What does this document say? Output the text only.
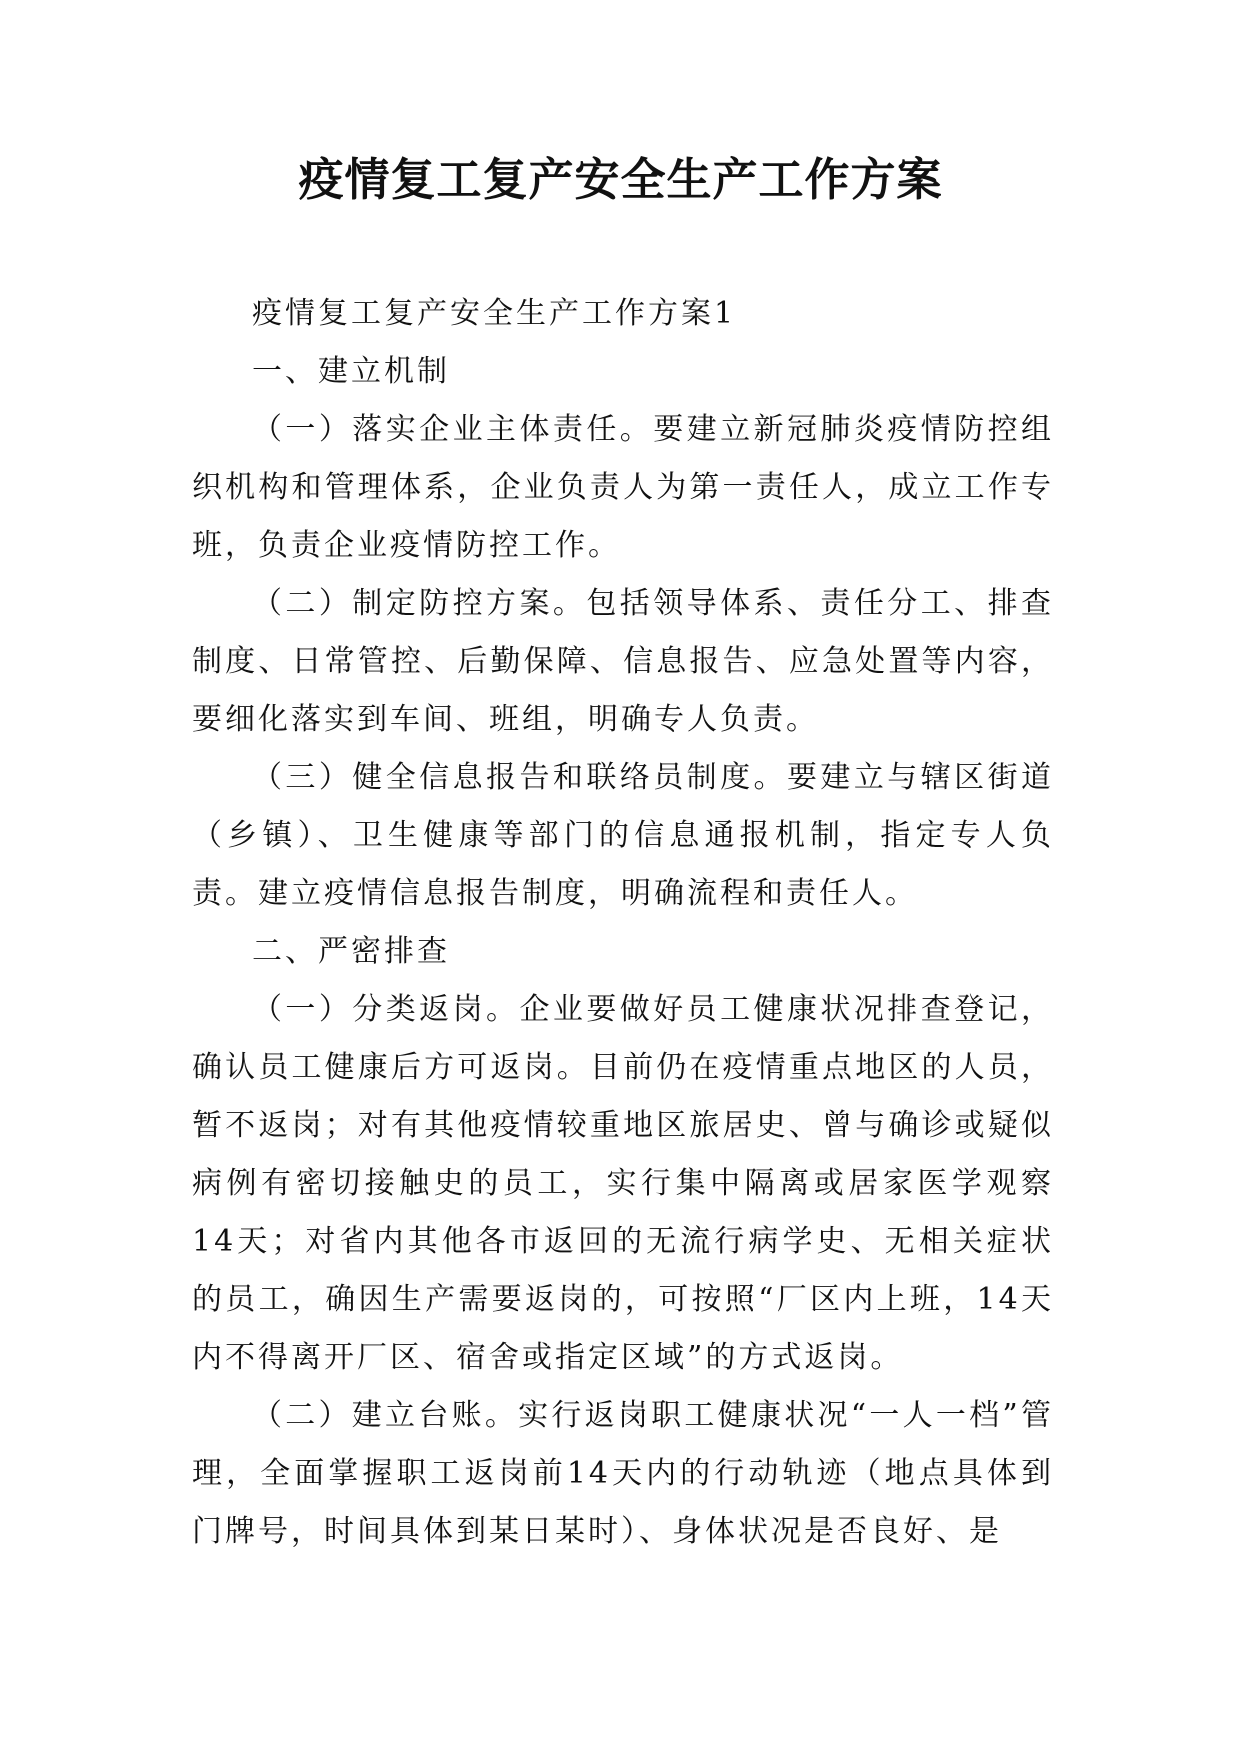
疫情复工复产安全生产工作方案

疫情复工复产安全生产工作方案1

一、建立机制

（一）落实企业主体责任。要建立新冠肺炎疫情防控组织机构和管理体系，企业负责人为第一责任人，成立工作专班，负责企业疫情防控工作。

（二）制定防控方案。包括领导体系、责任分工、排查制度、日常管控、后勤保障、信息报告、应急处置等内容，要细化落实到车间、班组，明确专人负责。

（三）健全信息报告和联络员制度。要建立与辖区街道（乡镇）、卫生健康等部门的信息通报机制，指定专人负责。建立疫情信息报告制度，明确流程和责任人。

二、严密排查

（一）分类返岗。企业要做好员工健康状况排查登记，确认员工健康后方可返岗。目前仍在疫情重点地区的人员，暂不返岗；对有其他疫情较重地区旅居史、曾与确诊或疑似病例有密切接触史的员工，实行集中隔离或居家医学观察14天；对省内其他各市返回的无流行病学史、无相关症状的员工，确因生产需要返岗的，可按照“厂区内上班，14天内不得离开厂区、宿舍或指定区域”的方式返岗。

（二）建立台账。实行返岗职工健康状况“一人一档”管理，全面掌握职工返岗前14天内的行动轨迹（地点具体到门牌号，时间具体到某日某时）、身体状况是否良好、是
